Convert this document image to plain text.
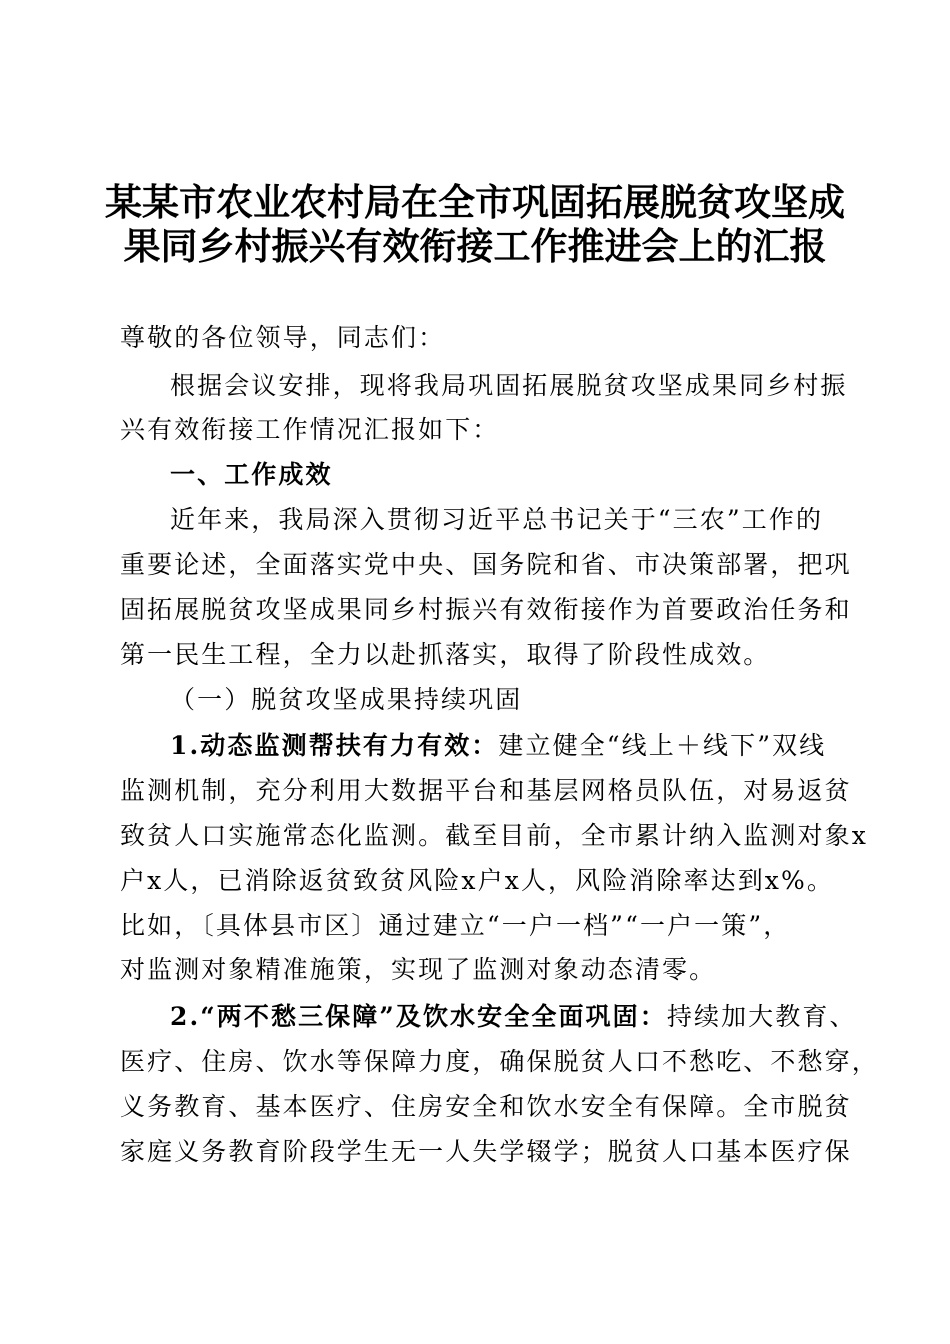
某某市农业农村局在全市巩固拓展脱贫攻坚成
果同乡村振兴有效衔接工作推进会上的汇报
尊敬的各位领导，同志们：
根据会议安排，现将我局巩固拓展脱贫攻坚成果同乡村振
兴有效衔接工作情况汇报如下：
一、工作成效
近年来，我局深入贯彻习近平总书记关于“三农”工作的
重要论述，全面落实党中央、国务院和省、市决策部署，把巩
固拓展脱贫攻坚成果同乡村振兴有效衔接作为首要政治任务和
第一民生工程，全力以赴抓落实，取得了阶段性成效。
（一）脱贫攻坚成果持续巩固
1.动态监测帮扶有力有效：建立健全“线上＋线下”双线
监测机制，充分利用大数据平台和基层网格员队伍，对易返贫
致贫人口实施常态化监测。截至目前，全市累计纳入监测对象x
户x人，已消除返贫致贫风险x户x人，风险消除率达到x%。
比如，〔具体县市区〕通过建立“一户一档”“一户一策”，
对监测对象精准施策，实现了监测对象动态清零。
2.“两不愁三保障”及饮水安全全面巩固：持续加大教育、
医疗、住房、饮水等保障力度，确保脱贫人口不愁吃、不愁穿，
义务教育、基本医疗、住房安全和饮水安全有保障。全市脱贫
家庭义务教育阶段学生无一人失学辍学；脱贫人口基本医疗保
